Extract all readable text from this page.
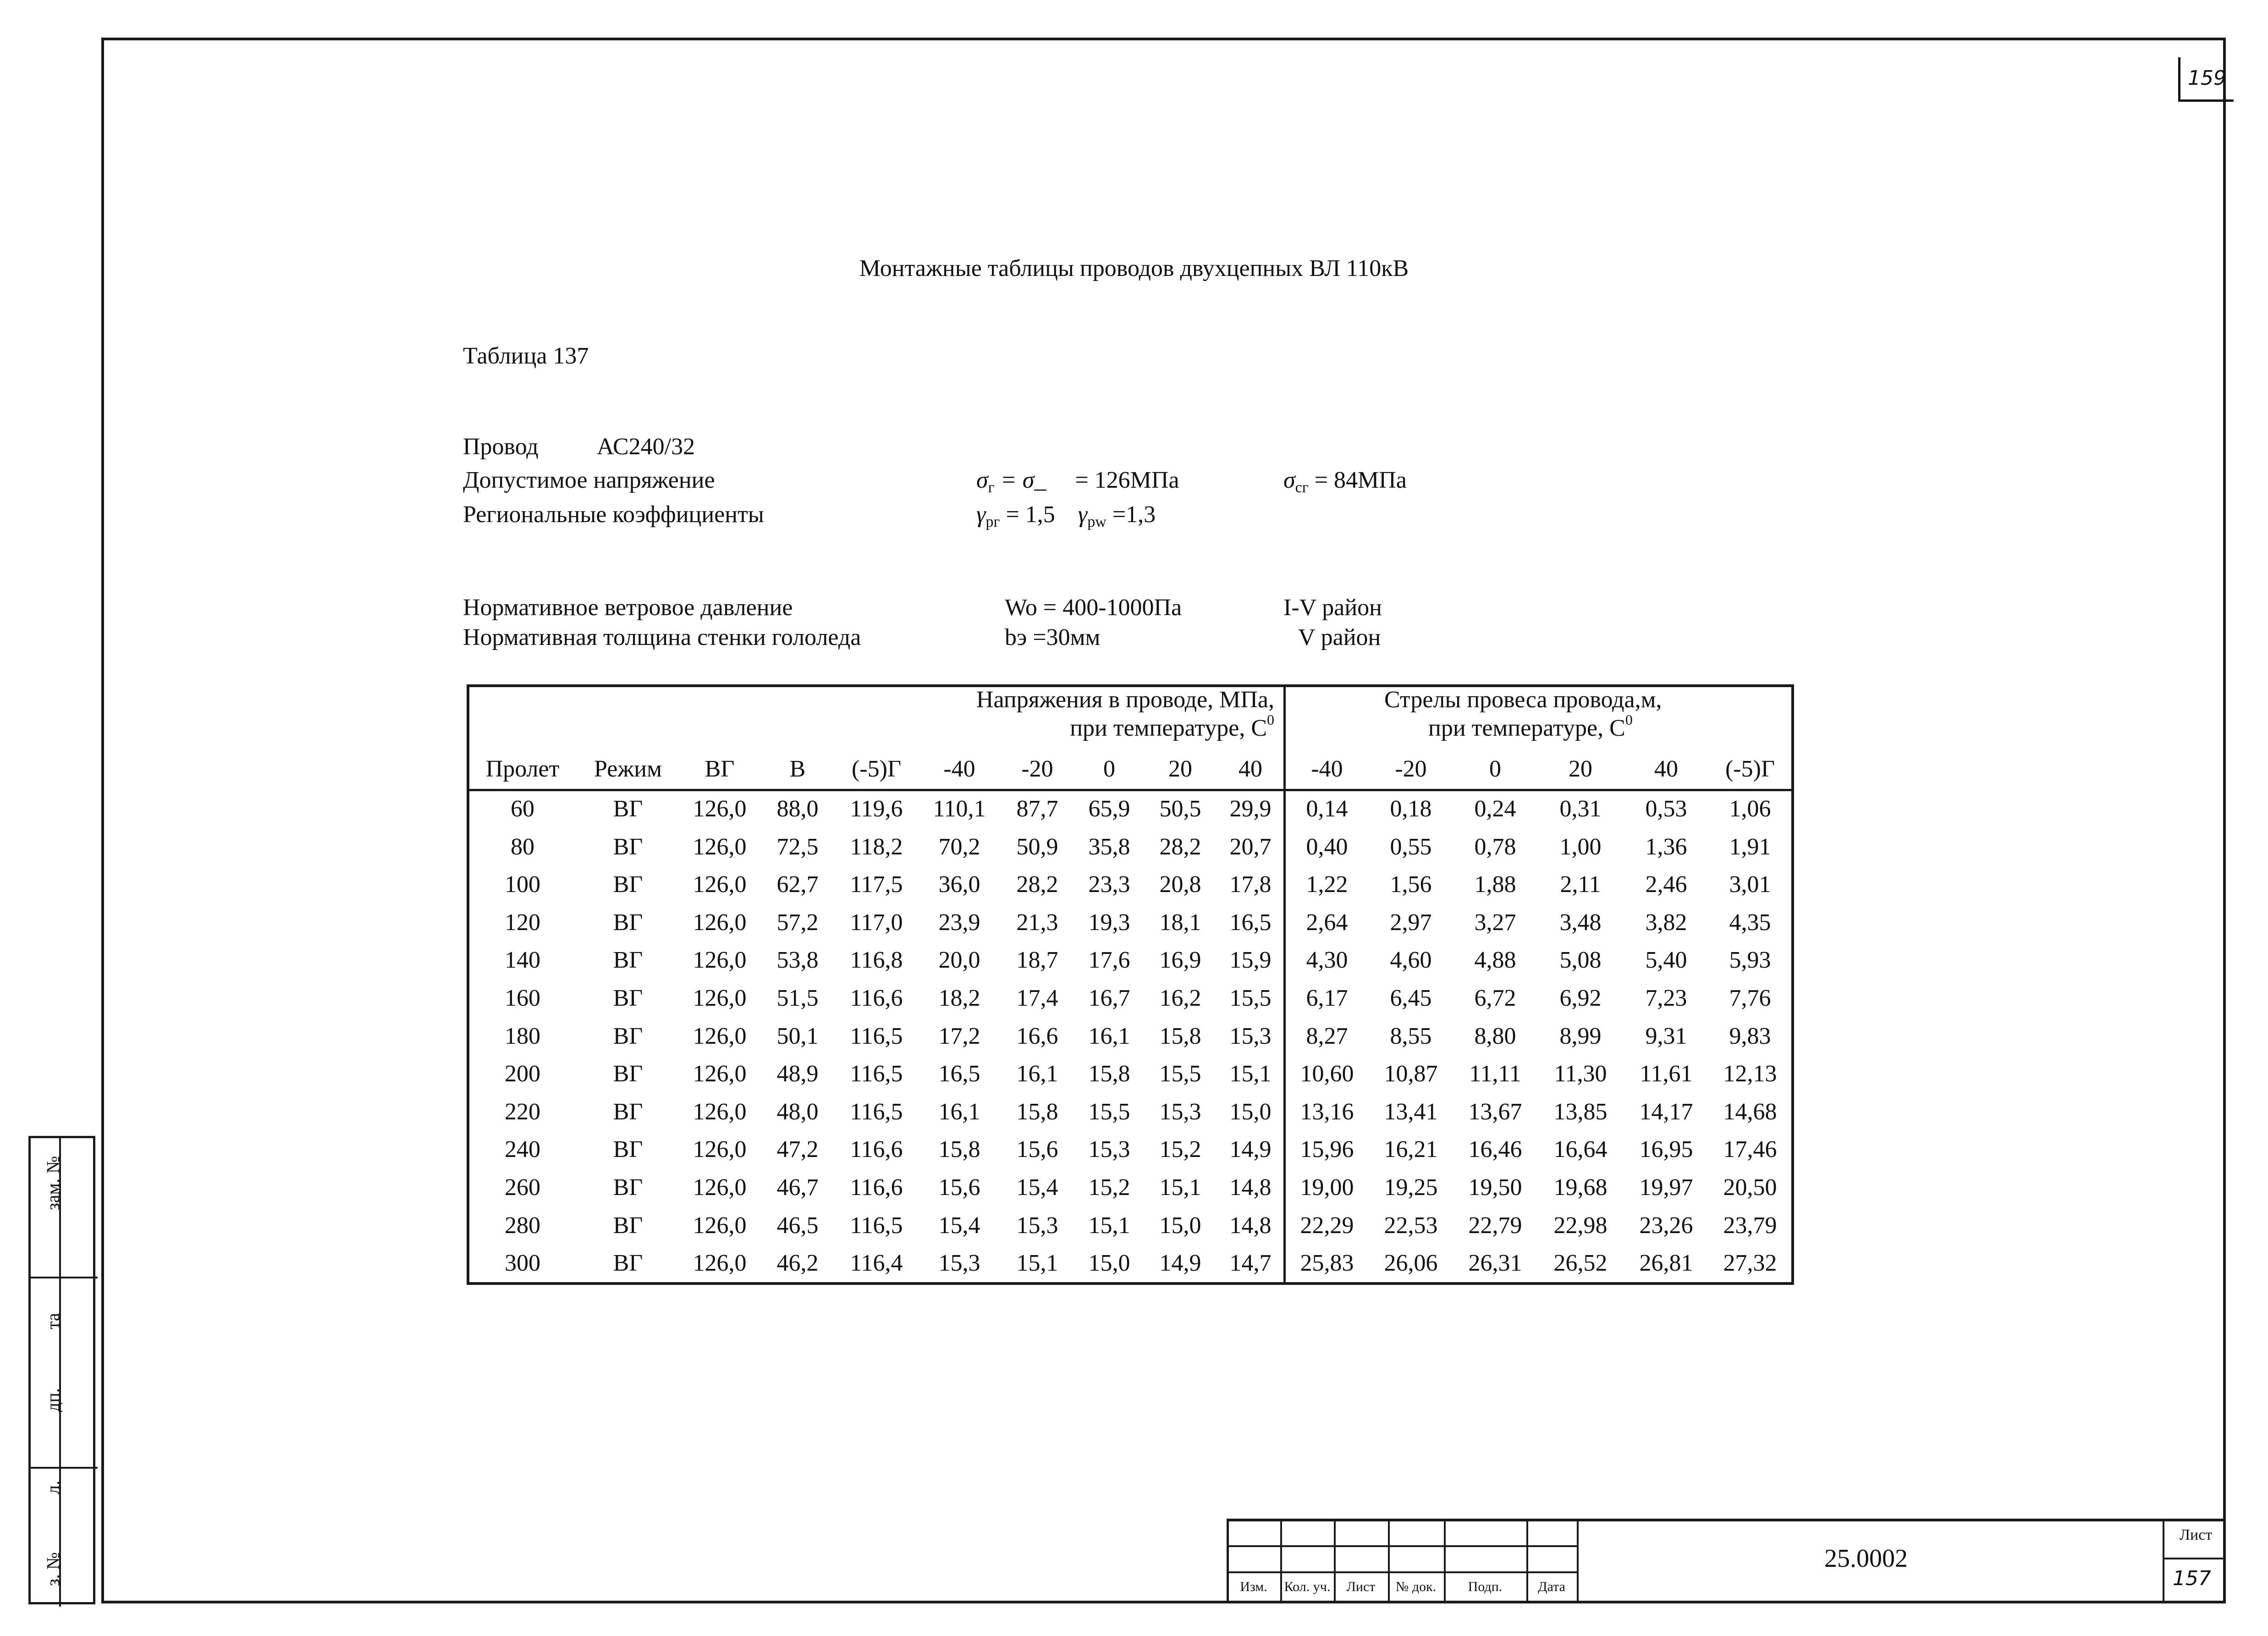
159
Монтажные таблицы проводов двухцепных ВЛ 110кВ
Таблица 137
Провод АС240/32
Допустимое напряжение	$\sigma_г$ = σ_ = 126МПа	$\sigma_{сг} = 84МПа$
Региональные коэффициенты	$\gamma_{рг} = 1,5$ $\gamma_{pw} =1,3$
Нормативное ветровое давление	Wo = 400-1000Па	I-V район
Нормативная толщина стенки гололеда	bэ =30мм	V район
Напряжения в проводе, МПа,
при температуре, $С^0$
Стрелы провеса провода,м,
при температуре, $С^0$
Пролет Режим ВГ В (-5)Г -40 -20 0 20 40 -40 -20	0	20	40 (-5)Г
60	ВГ 126,0 88,0 119,6 110,1 87,7 65,9 50,5 29,9 0,14 0,18 0,24 0,31 0,53 1,06
80	ВГ 126,0 72,5 118,2 70,2 50,9 35,8 28,2 20,7 0,40 0,55 0,78 1,00 1,36 1,91
100	ВГ 126,0 62,7 117,5 36,0 28,2 23,3 20,8 17,8 1,22 1,56 1,88 2,11 2,46 3,01
120	ВГ 126,0 57,2 117,0 23,9 21,3 19,3 18,1 16,5 2,64 2,97 3,27 3,48 3,82 4,35
140	ВГ 126,0 53,8 116,8 20,0 18,7 17,6 16,9 15,9 4,30 4,60 4,88 5,08 5,40 5,93
160	ВГ 126,0 51,5 116,6 18,2 17,4 16,7 16,2 15,5 6,17 6,45 6,72 6,92 7,23 7,76
180	ВГ 126,0 50,1 116,5 17,2 16,6 16,1 15,8 15,3 8,27 8,55 8,80 8,99 9,31 9,83
200	ВГ 126,0 48,9 116,5 16,5 16,1 15,8 15,5 15,1 10,60 10,87 11,11 11,30 11,61 12,13
220	ВГ 126,0 48,0 116,5 16,1 15,8 15,5 15,3 15,0 13,16 13,41 13,67 13,85 14,17 14,68
240	ВГ 126,0 47,2 116,6 15,8 15,6 15,3 15,2 14,9 15,96 16,21 16,46 16,64 16,95 17,46
260	ВГ 126,0 46,7 116,6 15,6 15,4 15,2 15,1 14,8 19,00 19,25 19,50 19,68 19,97 20,50
280	ВГ 126,0 46,5 116,5 15,4 15,3 15,1 15,0 14,8 22,29 22,53 22,79 22,98 23,26 23,79
300	ВГ 126,0 46,2 116,4 15,3 15,1 15,0 14,9 14,7 25,83 26,06 26,31 26,52 26,81 27,32
зам.
№
дп.
та
з. №
л.
Изм. Кол. уч. Лист № док. Подп.	Дата
25.0002
Лист
157
